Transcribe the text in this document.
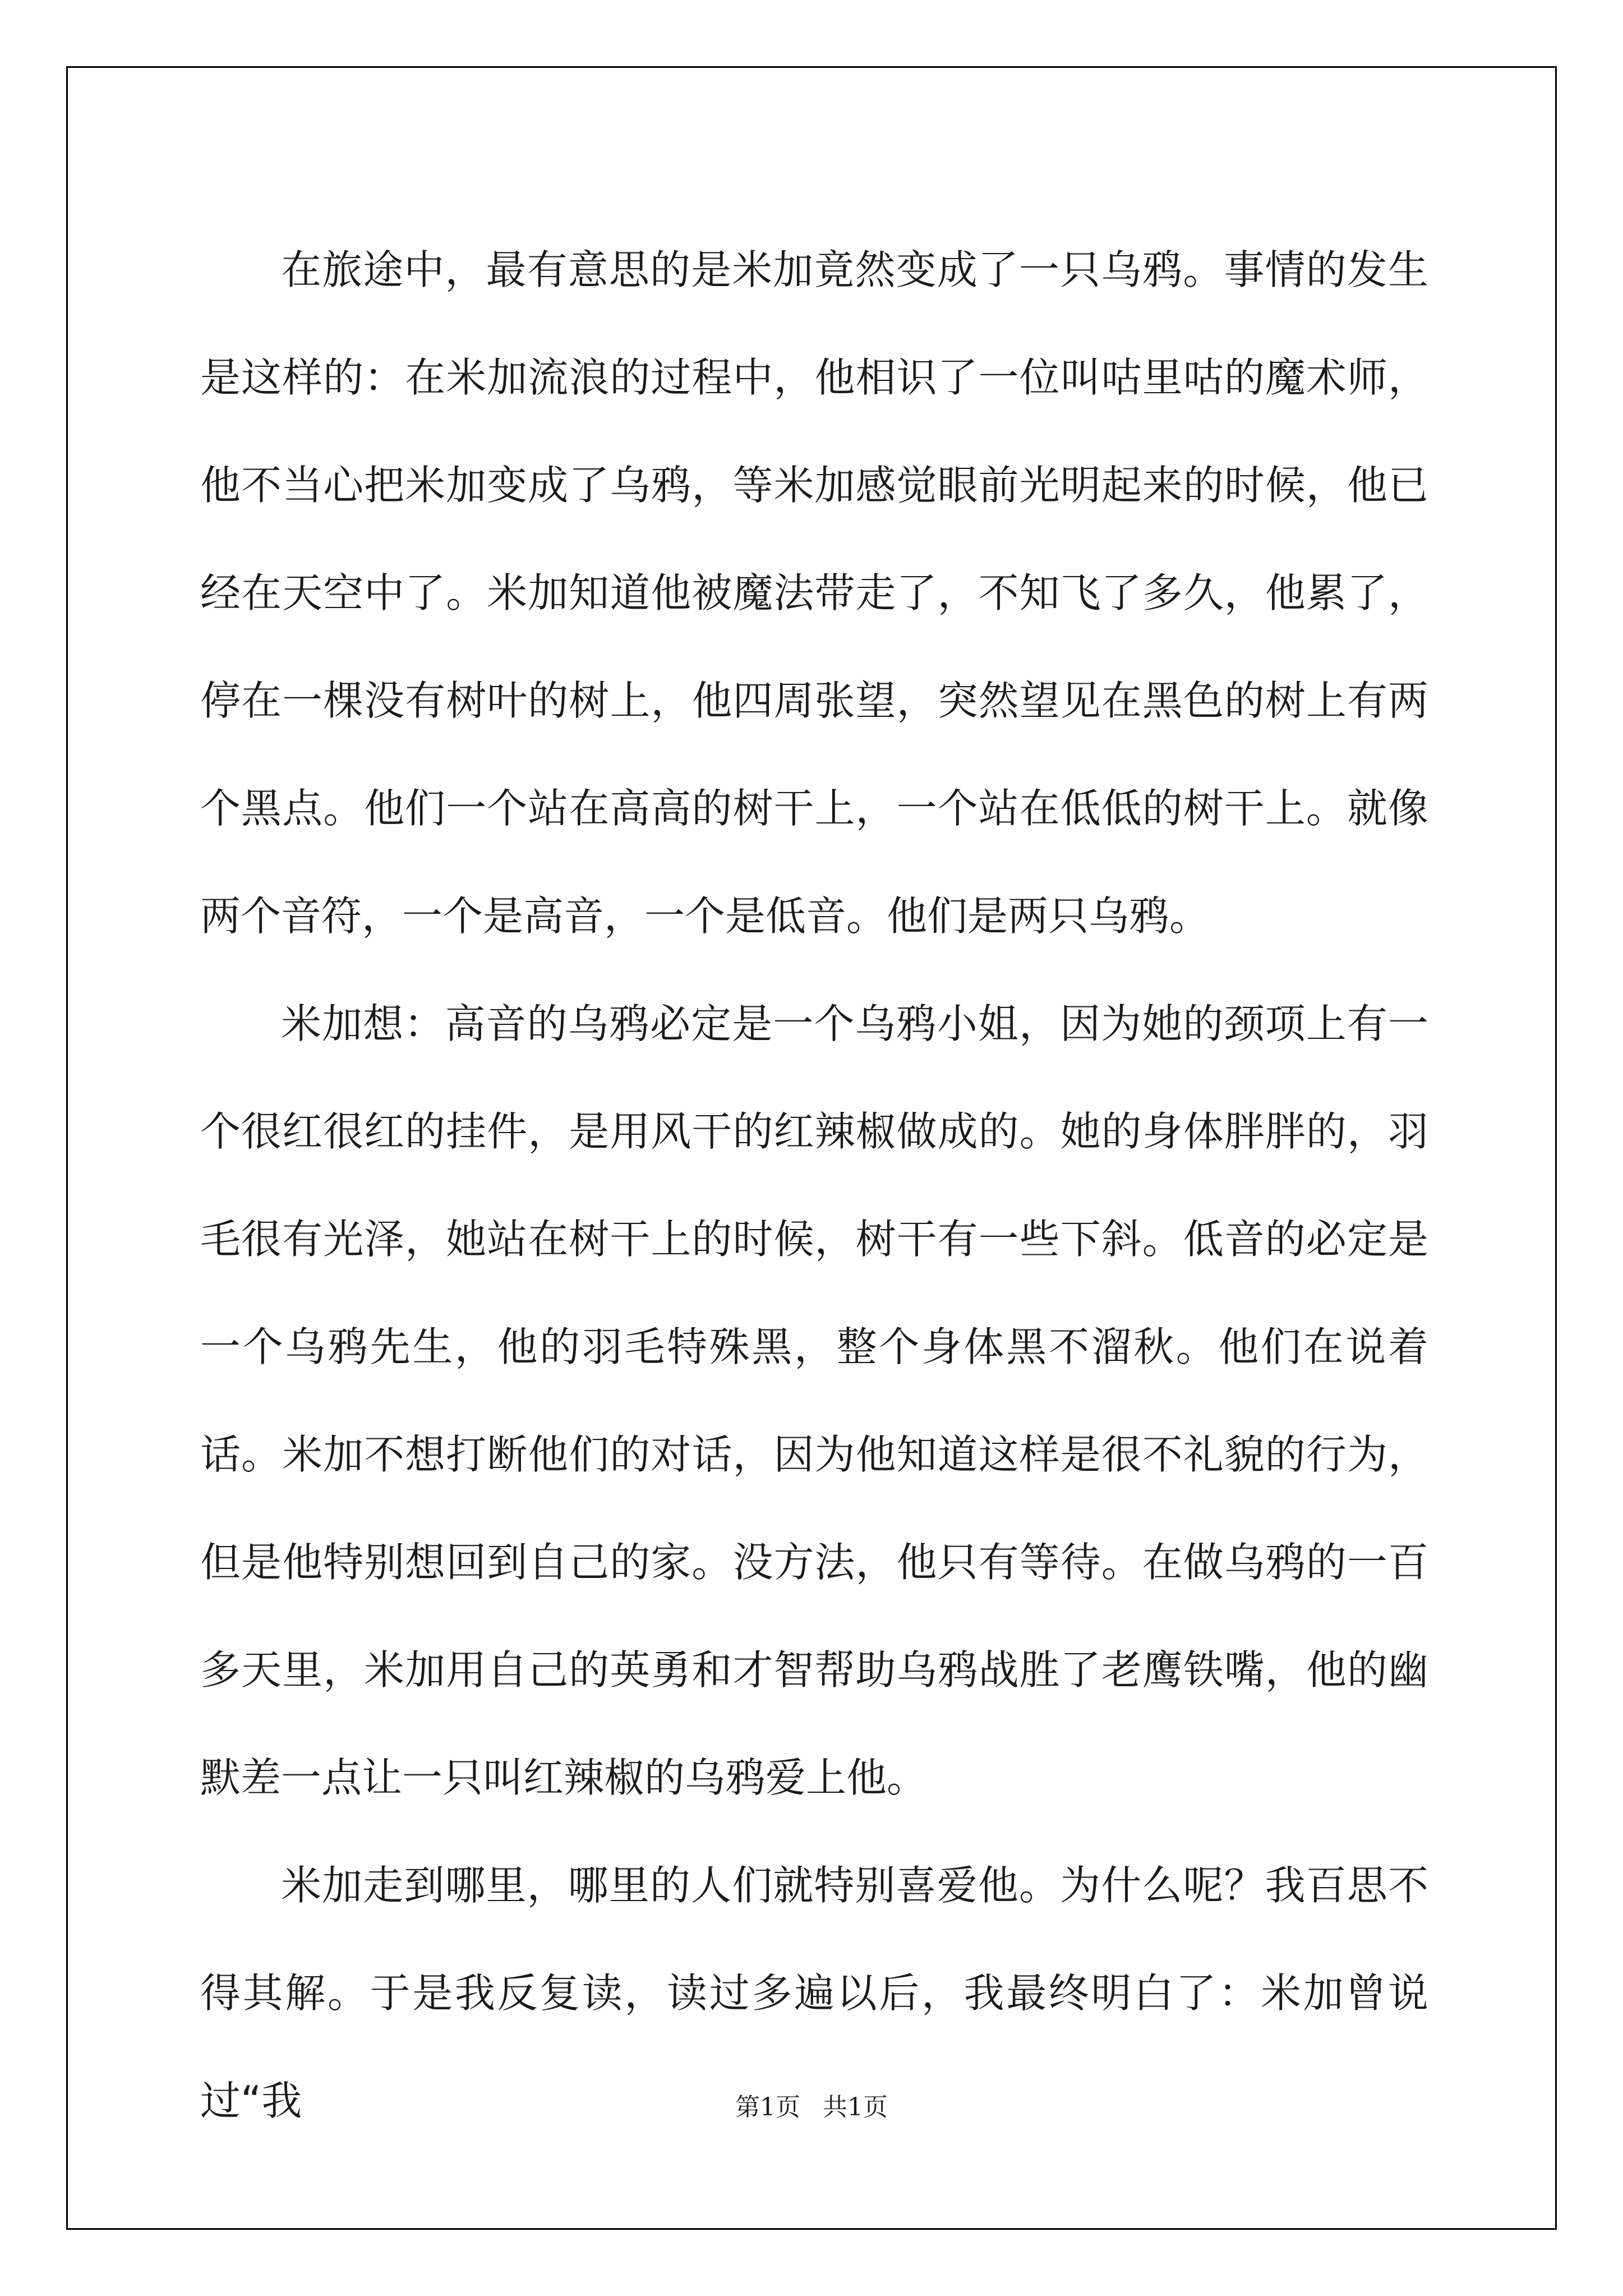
在旅途中，最有意思的是米加竟然变成了一只乌鸦。事情的发生是这样的：在米加流浪的过程中，他相识了一位叫咕里咕的魔术师，他不当心把米加变成了乌鸦，等米加感觉眼前光明起来的时候，他已经在天空中了。米加知道他被魔法带走了，不知飞了多久，他累了，停在一棵没有树叶的树上，他四周张望，突然望见在黑色的树上有两个黑点。他们一个站在高高的树干上，一个站在低低的树干上。就像两个音符，一个是高音，一个是低音。他们是两只乌鸦。

米加想：高音的乌鸦必定是一个乌鸦小姐，因为她的颈项上有一个很红很红的挂件，是用风干的红辣椒做成的。她的身体胖胖的，羽毛很有光泽，她站在树干上的时候，树干有一些下斜。低音的必定是一个乌鸦先生，他的羽毛特殊黑，整个身体黑不溜秋。他们在说着话。米加不想打断他们的对话，因为他知道这样是很不礼貌的行为，但是他特别想回到自己的家。没方法，他只有等待。在做乌鸦的一百多天里，米加用自己的英勇和才智帮助乌鸦战胜了老鹰铁嘴，他的幽默差一点让一只叫红辣椒的乌鸦爱上他。

米加走到哪里，哪里的人们就特别喜爱他。为什么呢？我百思不得其解。于是我反复读，读过多遍以后，我最终明白了：米加曾说过“我	第1页 共1页
